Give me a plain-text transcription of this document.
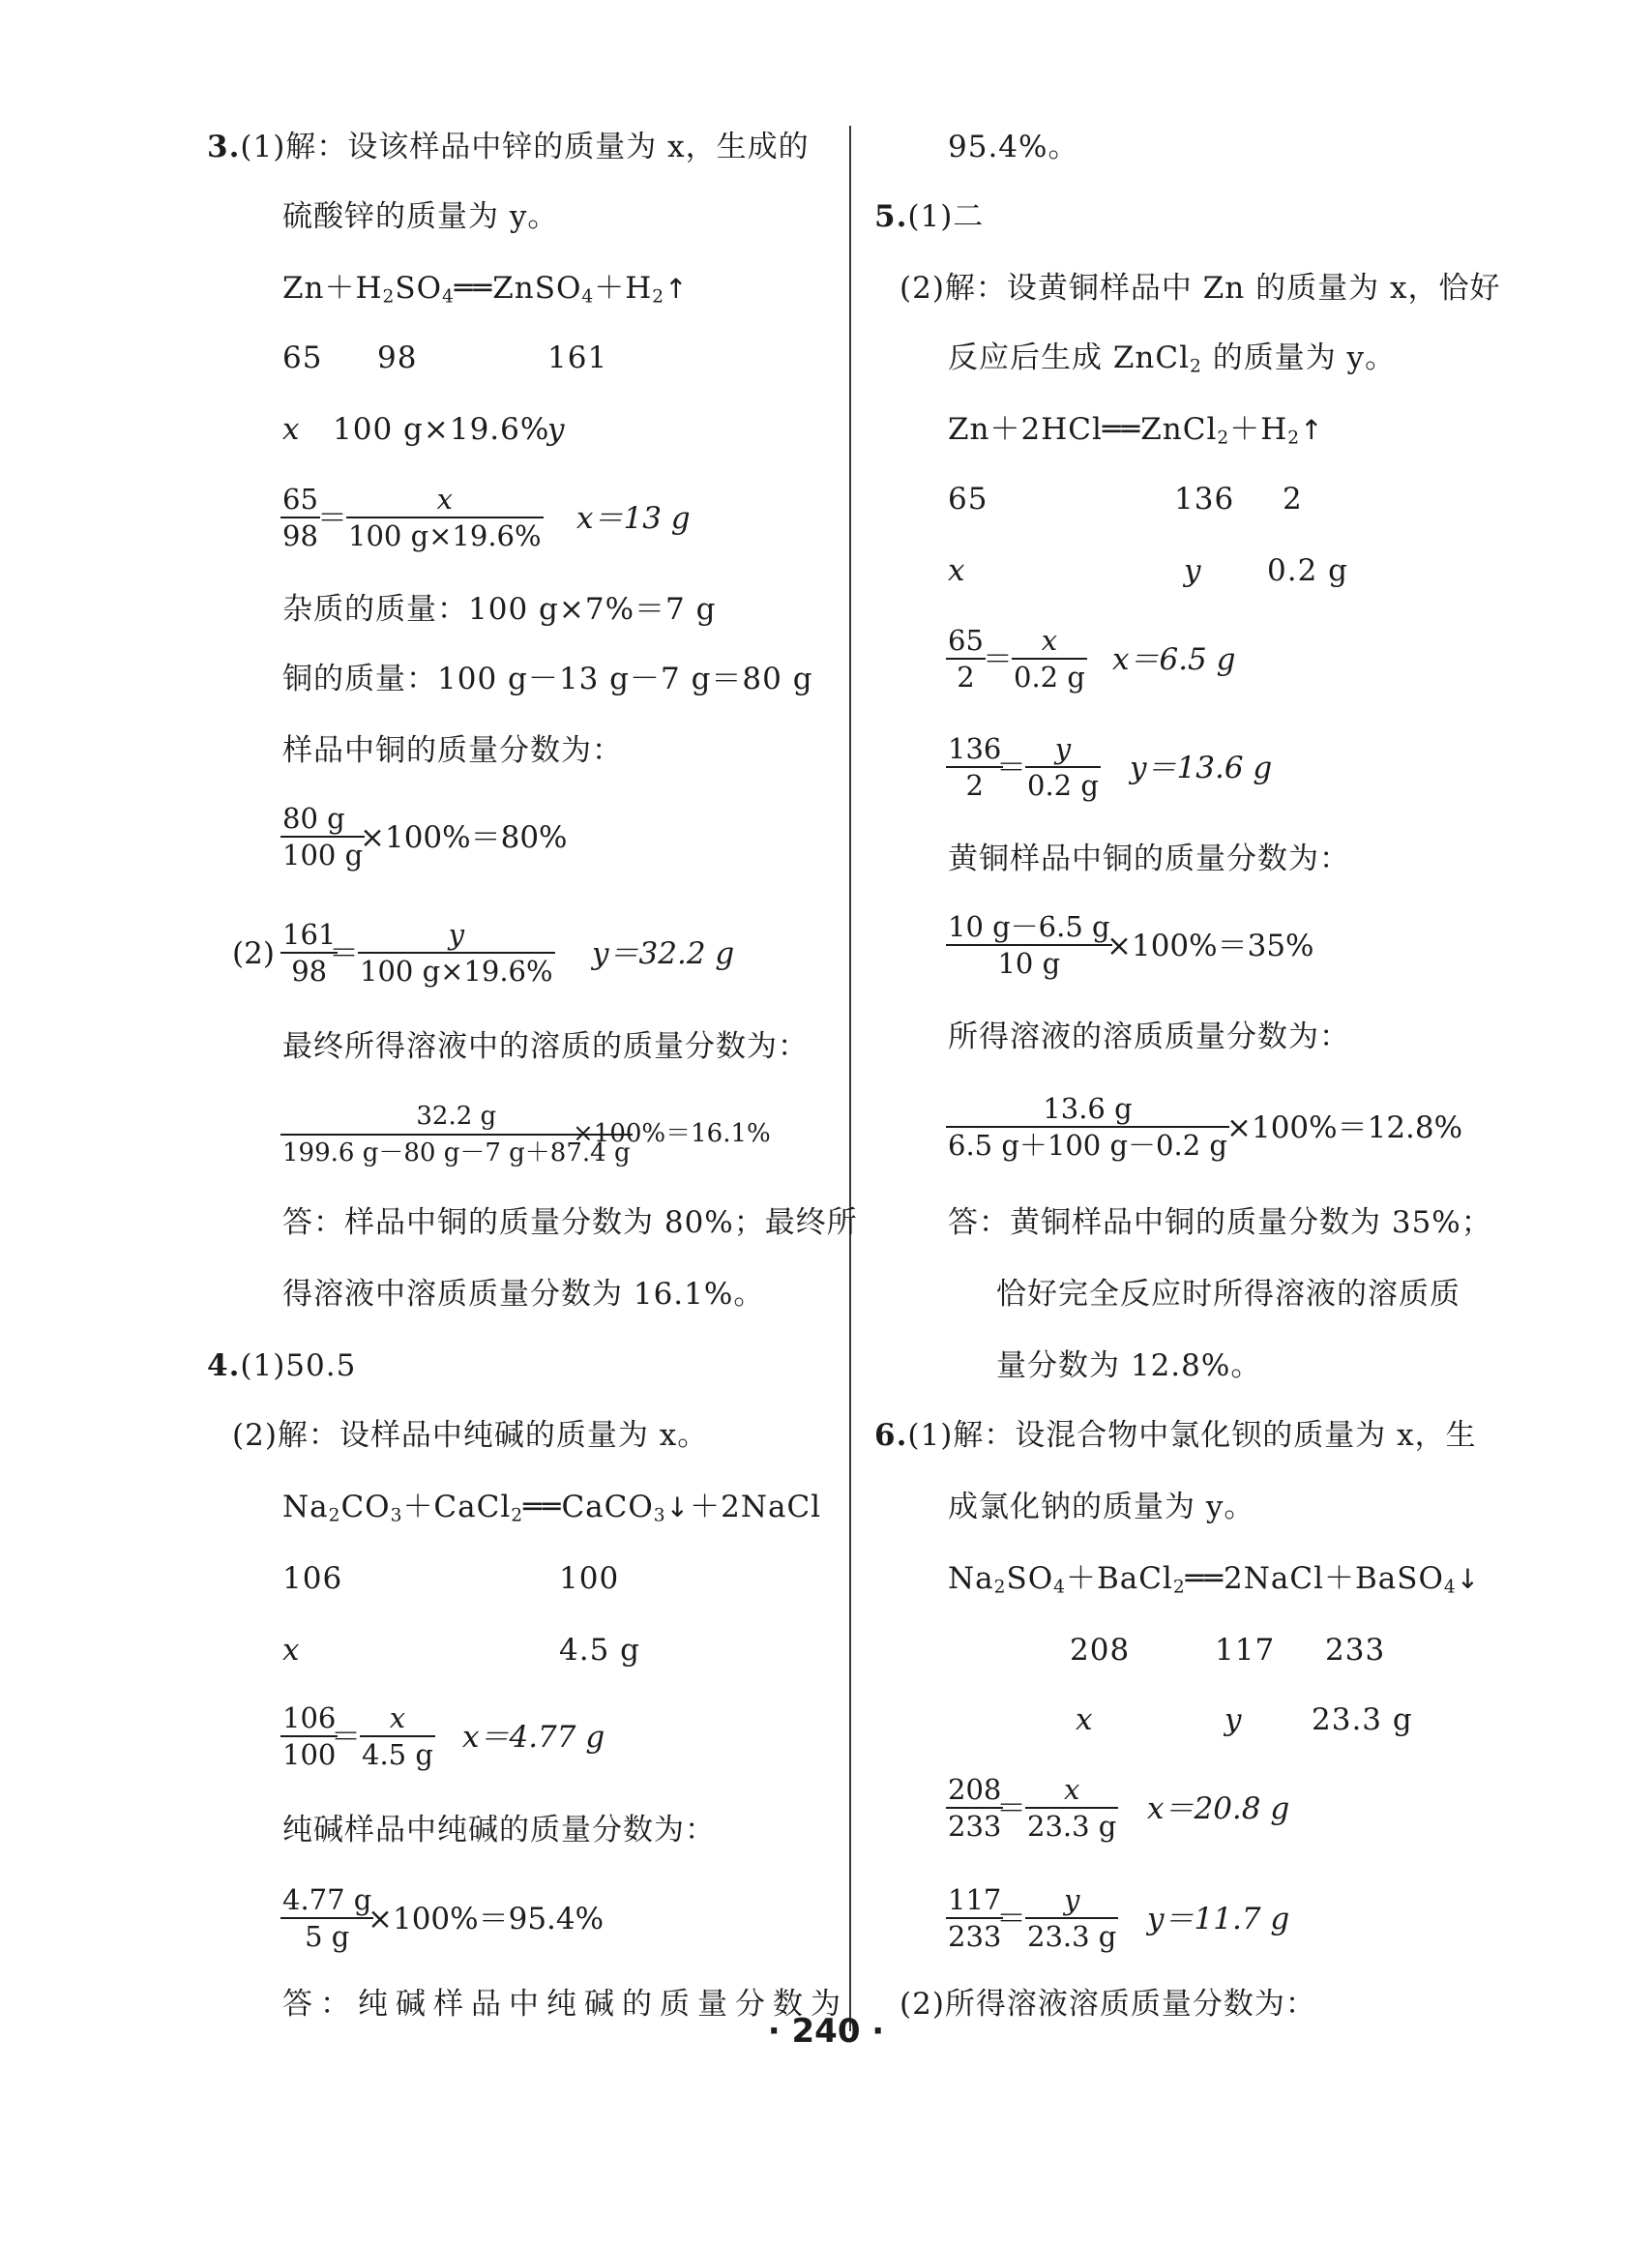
3.(1)解：设该样品中锌的质量为 x，生成的
硫酸锌的质量为 y。
$Zn+H_2SO_4══ZnSO_4+H_2↑$
65 98	161
x 100 g×19.6%
y
$\frac{65}{98}$
＝ $\frac{x}{100 g\times 19.6\%} x=13$ g
杂质的质量：100 g×7%＝7 g
铜的质量：100 g－13 g－7 g＝80 g
样品中铜的质量分数为：
$\frac{80 g}{100 g}$
×100%＝80%
$(2) \frac{161}{98}$
＝ $\frac{y}{100 g\times 19.6\%} y=32.2$ g
最终所得溶液中的溶质的质量分数为：
$\frac{32.2 g}{199.6 g-80 g-7 g+87.4 g}$
×100%＝16.1%
答：样品中铜的质量分数为 80%；最终所
得溶液中溶质质量分数为 16.1%。
4.(1)50.5
(2)解：设样品中纯碱的质量为 x。
$Na_2CO_3+CaCl_2══CaCO_3↓+2NaCl$
106	100
x	4.5 g
$\frac{106}{100}$
＝ $\frac{x}{4.5 g} x=4.77$ g
纯碱样品中纯碱的质量分数为：
$\frac{4.77 g}{5 g}$
×100%＝95.4%
答：纯碱样品中纯碱的质量分数为
95.4%。
5.(1)二
(2)解：设黄铜样品中 Zn 的质量为 x，恰好
反应后生成 ZnCl$_2$ 的质量为 y。
$Zn+2HCl══ZnCl_2+H_2↑$
65	136 2
x	y 0.2 g
$\frac{65}{2}$
＝ $\frac{x}{0.2 g} x=6.5$ g
$\frac{136}{2}$
＝ $\frac{y}{0.2 g} y=13.6$ g
黄铜样品中铜的质量分数为：
$\frac{10 g-6.5 g}{10 g}$
×100%＝35%
所得溶液的溶质质量分数为：
$\frac{13.6 g}{6.5 g+100 g-0.2 g}$
×100%＝12.8%
答：黄铜样品中铜的质量分数为 35%；
恰好完全反应时所得溶液的溶质质
量分数为 12.8%。
6.(1)解：设混合物中氯化钡的质量为 x，生
成氯化钠的质量为 y。
$Na_2SO_4+BaCl_2══2NaCl+BaSO_4↓$
208	117 233
x	y 23.3 g
$\frac{208}{233}$
＝ $\frac{x}{23.3 g} x=20.8$ g
$\frac{117}{233}$
＝ $\frac{y}{23.3 g} y=11.7$ g
(2)所得溶液溶质质量分数为：
· 240 ·
